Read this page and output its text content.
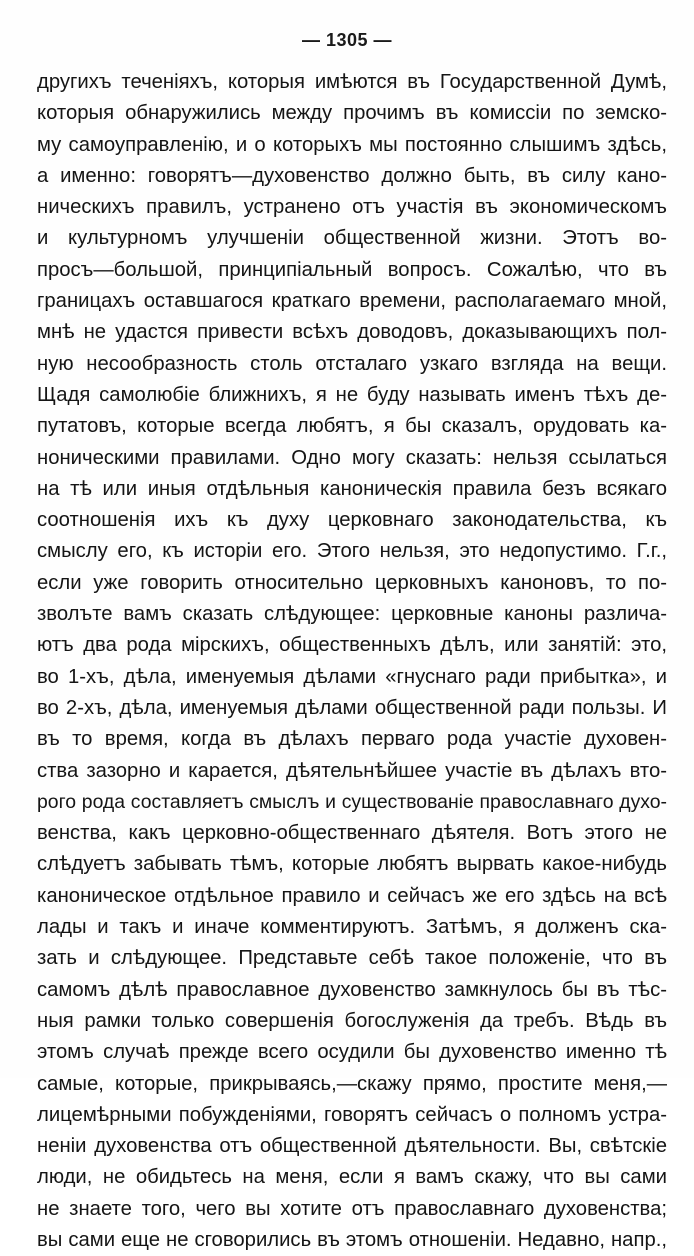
— 1305 —
другихъ теченіяхъ, которыя имѣются въ Государственной Думѣ,
которыя обнаружились между прочимъ въ комиссіи по земско-
му самоуправленію, и о которыхъ мы постоянно слышимъ здѣсь,
а именно: говорятъ—духовенство должно быть, въ силу кано-
ническихъ правилъ, устранено отъ участія въ экономическомъ
и культурномъ улучшеніи общественной жизни. Этотъ во-
просъ—большой, принципіальный вопросъ. Сожалѣю, что въ
границахъ оставшагося краткаго времени, располагаемаго мной,
мнѣ не удастся привести всѣхъ доводовъ, доказывающихъ пол-
ную несообразность столь отсталаго узкаго взгляда на вещи.
Щадя самолюбіе ближнихъ, я не буду называть именъ тѣхъ де-
путатовъ, которые всегда любятъ, я бы сказалъ, орудовать ка-
ноническими правилами. Одно могу сказать: нельзя ссылаться
на тѣ или иныя отдѣльныя каноническія правила безъ всякаго
соотношенія ихъ къ духу церковнаго законодательства, къ
смыслу его, къ исторіи его. Этого нельзя, это недопустимо. Г.г.,
если уже говорить относительно церковныхъ каноновъ, то по-
зволъте вамъ сказать слѣдующее: церковные каноны различа-
ютъ два рода мірскихъ, общественныхъ дѣлъ, или занятій: это,
во 1-хъ, дѣла, именуемыя дѣлами «гнуснаго ради прибытка», и
во 2-хъ, дѣла, именуемыя дѣлами общественной ради пользы. И
въ то время, когда въ дѣлахъ перваго рода участіе духовен-
ства зазорно и карается, дѣятельнѣйшее участіе въ дѣлахъ вто-
рого рода составляетъ смыслъ и существованіе православнаго духо-
венства, какъ церковно-общественнаго дѣятеля. Вотъ этого не
слѣдуетъ забывать тѣмъ, которые любятъ вырвать какое-нибудь
каноническое отдѣльное правило и сейчасъ же его здѣсь на всѣ
лады и такъ и иначе комментируютъ. Затѣмъ, я долженъ ска-
зать и слѣдующее. Представьте себѣ такое положеніе, что въ
самомъ дѣлѣ православное духовенство замкнулось бы въ тѣс-
ныя рамки только совершенія богослуженія да требъ. Вѣдь въ
этомъ случаѣ прежде всего осудили бы духовенство именно тѣ
самые, которые, прикрываясь,—скажу прямо, простите меня,—
лицемѣрными побужденіями, говорятъ сейчасъ о полномъ устра-
неніи духовенства отъ общественной дѣятельности. Вы, свѣтскіе
люди, не обидьтесь на меня, если я вамъ скажу, что вы сами
не знаете того, чего вы хотите отъ православнаго духовенства;
вы сами еще не сговорились въ этомъ отношеніи. Недавно, напр.,
